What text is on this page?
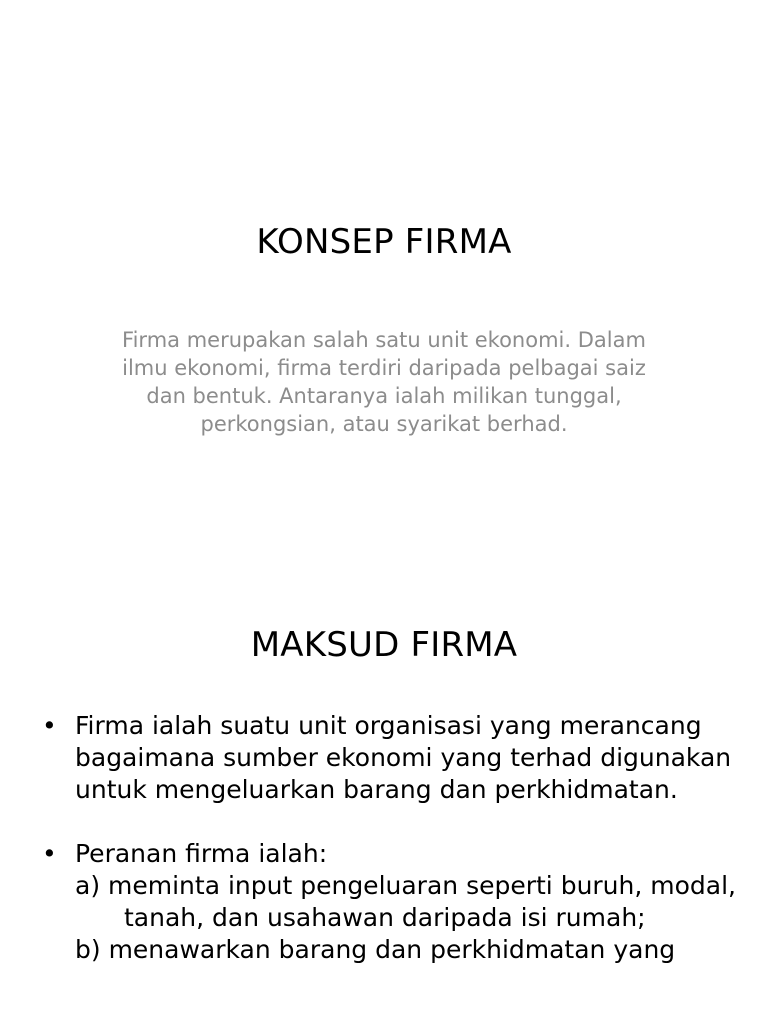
KONSEP FIRMA
Firma merupakan salah satu unit ekonomi. Dalam ilmu ekonomi, firma terdiri daripada pelbagai saiz dan bentuk. Antaranya ialah milikan tunggal, perkongsian, atau syarikat berhad.
MAKSUD FIRMA
• Firma ialah suatu unit organisasi yang merancang bagaimana sumber ekonomi yang terhad digunakan untuk mengeluarkan barang dan perkhidmatan.
• Peranan firma ialah:
a) meminta input pengeluaran seperti buruh, modal, tanah, dan usahawan daripada isi rumah;
b) menawarkan barang dan perkhidmatan yang
